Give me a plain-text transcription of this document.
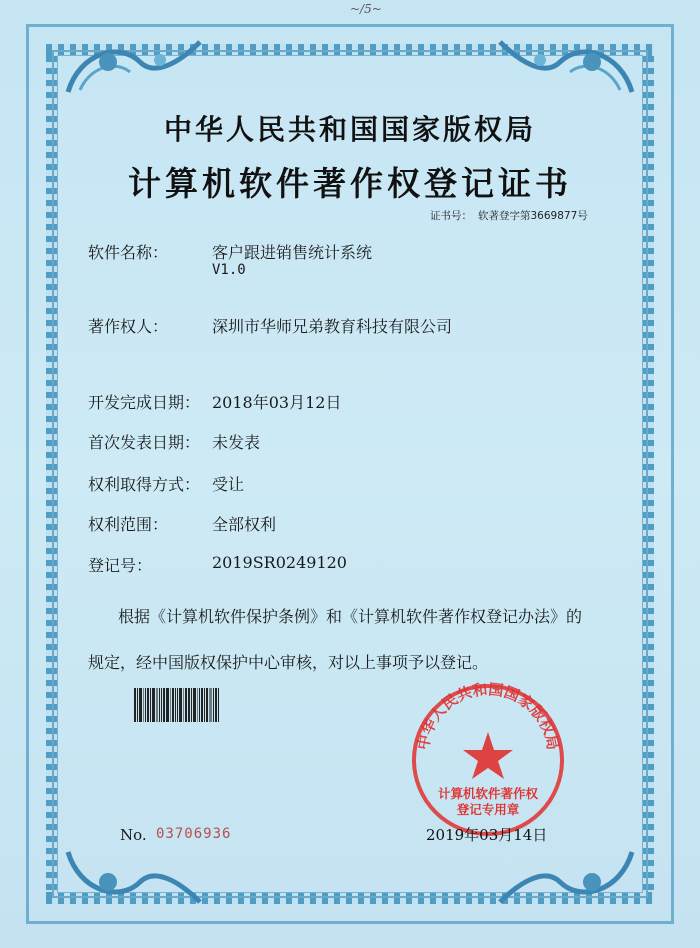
~/5~
中华人民共和国国家版权局
计算机软件著作权登记证书
证书号： 软著登字第3669877号
软件名称：	客户跟进销售统计系统
V1.0
著作权人：	深圳市华师兄弟教育科技有限公司
开发完成日期： 2018年03月12日
首次发表日期： 未发表
权利取得方式： 受让
权利范围：	全部权利
登记号：	2019SR0249120
根据《计算机软件保护条例》和《计算机软件著作权登记办法》的
规定，经中国版权保护中心审核，对以上事项予以登记。
中华人民共和国国家版权局
计算机软件著作权
登记专用章
No. 03706936	2019年03月14日
